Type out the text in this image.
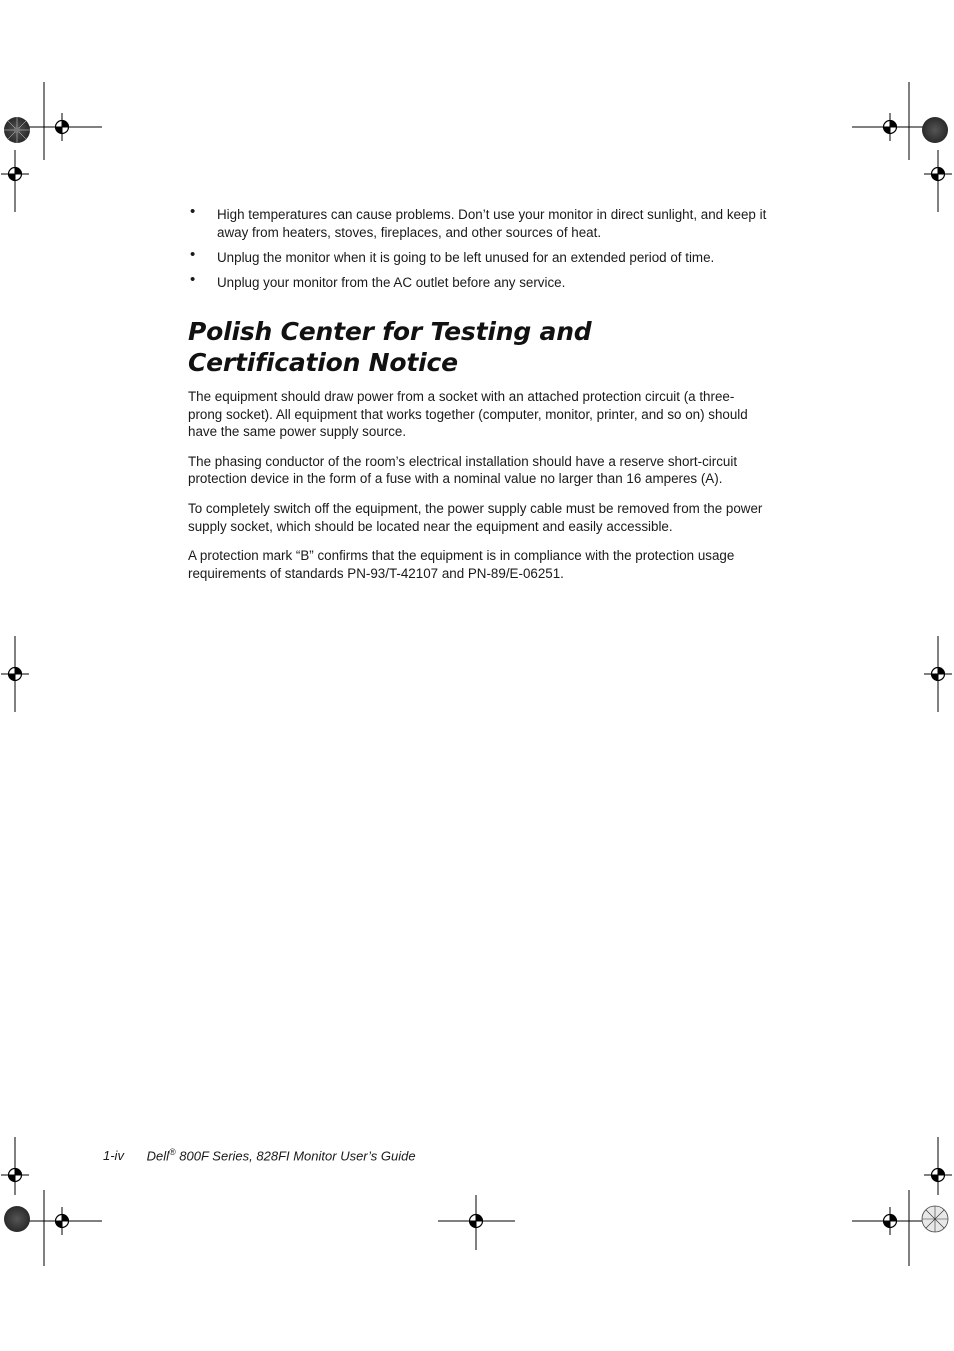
• High temperatures can cause problems. Don’t use your monitor in direct sunlight, and keep it away from heaters, stoves, fireplaces, and other sources of heat.
• Unplug the monitor when it is going to be left unused for an extended period of time.
• Unplug your monitor from the AC outlet before any service.
Polish Center for Testing and Certification Notice

The equipment should draw power from a socket with an attached protection circuit (a three-prong socket). All equipment that works together (computer, monitor, printer, and so on) should have the same power supply source.

The phasing conductor of the room’s electrical installation should have a reserve short-circuit protection device in the form of a fuse with a nominal value no larger than 16 amperes (A).

To completely switch off the equipment, the power supply cable must be removed from the power supply socket, which should be located near the equipment and easily accessible.

A protection mark “B” confirms that the equipment is in compliance with the protection usage requirements of standards PN-93/T-42107 and PN-89/E-06251.

1-iv Dell® 800F Series, 828FI Monitor User’s Guide
